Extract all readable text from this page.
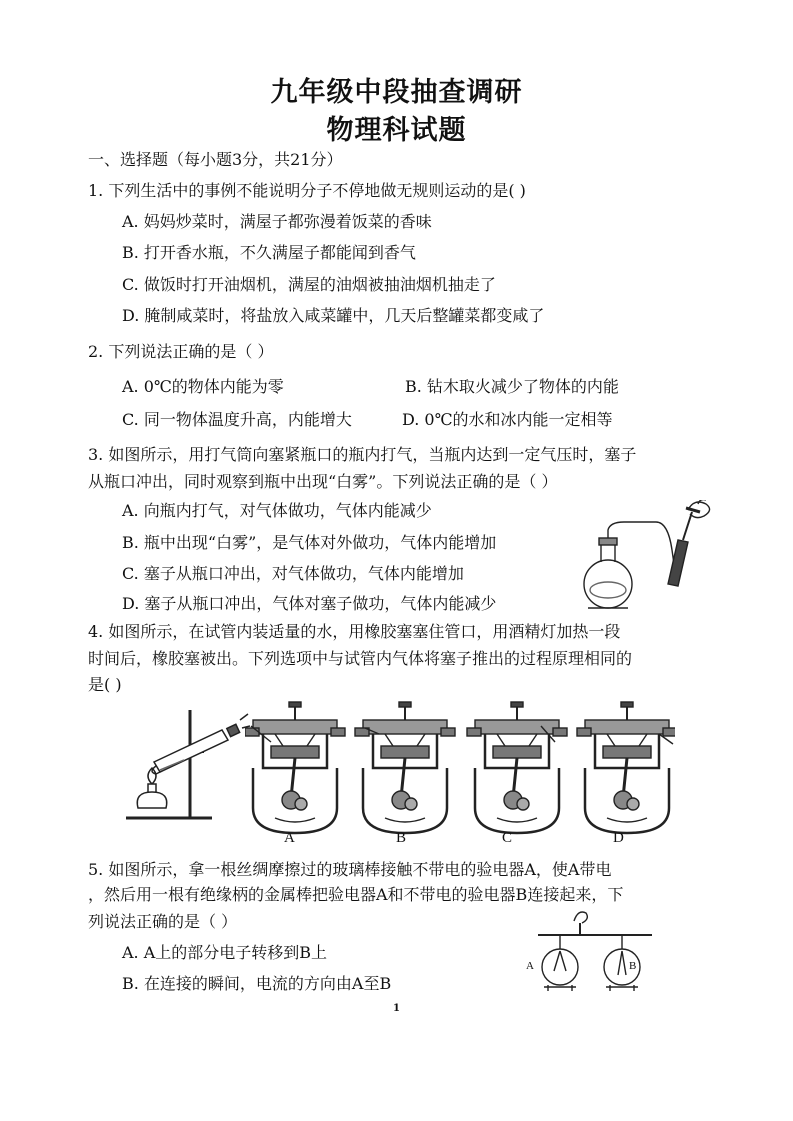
九年级中段抽查调研
物理科试题
一、选择题（每小题3分，共21分）
1. 下列生活中的事例不能说明分子不停地做无规则运动的是( )
A. 妈妈炒菜时，满屋子都弥漫着饭菜的香味
B. 打开香水瓶，不久满屋子都能闻到香气
C. 做饭时打开油烟机，满屋的油烟被抽油烟机抽走了
D. 腌制咸菜时，将盐放入咸菜罐中，几天后整罐菜都变咸了
2. 下列说法正确的是（ ）
A. 0℃的物体内能为零	B. 钻木取火减少了物体的内能
C. 同一物体温度升高，内能增大	D. 0℃的水和冰内能一定相等
3. 如图所示，用打气筒向塞紧瓶口的瓶内打气，当瓶内达到一定气压时，塞子
从瓶口冲出，同时观察到瓶中出现“白雾”。下列说法正确的是（ ）
A. 向瓶内打气，对气体做功，气体内能减少
B. 瓶中出现“白雾”，是气体对外做功，气体内能增加
C. 塞子从瓶口冲出，对气体做功，气体内能增加
D. 塞子从瓶口冲出，气体对塞子做功，气体内能减少
4. 如图所示，在试管内装适量的水，用橡胶塞塞住管口，用酒精灯加热一段
时间后，橡胶塞被出。下列选项中与试管内气体将塞子推出的过程原理相同的
是( )
A	B	C	D
5. 如图所示，拿一根丝绸摩擦过的玻璃棒接触不带电的验电器A，使A带电
，然后用一根有绝缘柄的金属棒把验电器A和不带电的验电器B连接起来，下
列说法正确的是（ ）
A. A上的部分电子转移到B上
B. 在连接的瞬间，电流的方向由A至B
A	B
1
